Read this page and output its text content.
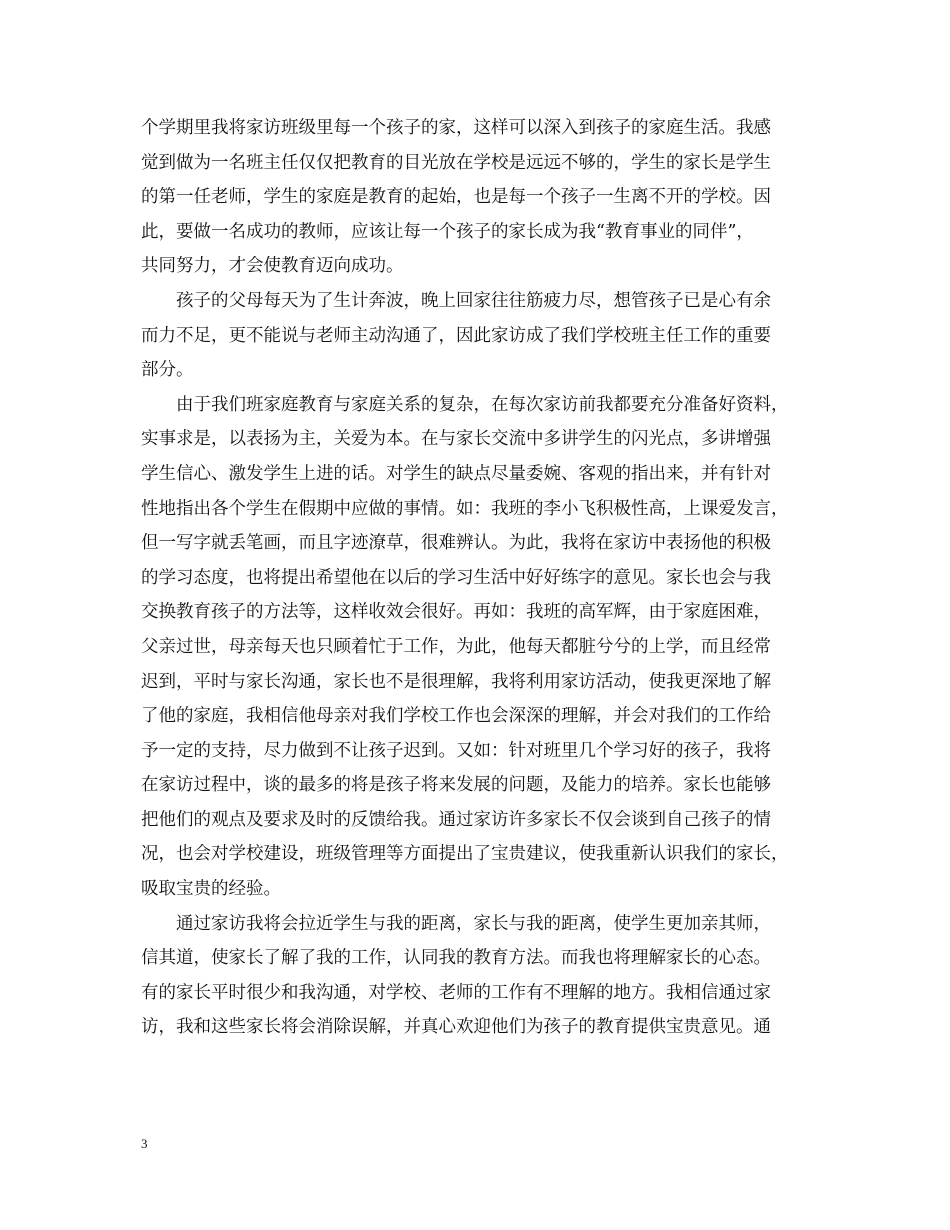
个学期里我将家访班级里每一个孩子的家，这样可以深入到孩子的家庭生活。我感
觉到做为一名班主任仅仅把教育的目光放在学校是远远不够的，学生的家长是学生
的第一任老师，学生的家庭是教育的起始，也是每一个孩子一生离不开的学校。因
此，要做一名成功的教师，应该让每一个孩子的家长成为我“教育事业的同伴”，
共同努力，才会使教育迈向成功。
孩子的父母每天为了生计奔波，晚上回家往往筋疲力尽，想管孩子已是心有余
而力不足，更不能说与老师主动沟通了，因此家访成了我们学校班主任工作的重要
部分。
由于我们班家庭教育与家庭关系的复杂，在每次家访前我都要充分准备好资料，
实事求是，以表扬为主，关爱为本。在与家长交流中多讲学生的闪光点，多讲增强
学生信心、激发学生上进的话。对学生的缺点尽量委婉、客观的指出来，并有针对
性地指出各个学生在假期中应做的事情。如：我班的李小飞积极性高，上课爱发言，
但一写字就丢笔画，而且字迹潦草，很难辨认。为此，我将在家访中表扬他的积极
的学习态度，也将提出希望他在以后的学习生活中好好练字的意见。家长也会与我
交换教育孩子的方法等，这样收效会很好。再如：我班的高军辉，由于家庭困难，
父亲过世，母亲每天也只顾着忙于工作，为此，他每天都脏兮兮的上学，而且经常
迟到，平时与家长沟通，家长也不是很理解，我将利用家访活动，使我更深地了解
了他的家庭，我相信他母亲对我们学校工作也会深深的理解，并会对我们的工作给
予一定的支持，尽力做到不让孩子迟到。又如：针对班里几个学习好的孩子，我将
在家访过程中，谈的最多的将是孩子将来发展的问题，及能力的培养。家长也能够
把他们的观点及要求及时的反馈给我。通过家访许多家长不仅会谈到自己孩子的情
况，也会对学校建设，班级管理等方面提出了宝贵建议，使我重新认识我们的家长，
吸取宝贵的经验。
通过家访我将会拉近学生与我的距离，家长与我的距离，使学生更加亲其师，
信其道，使家长了解了我的工作，认同我的教育方法。而我也将理解家长的心态。
有的家长平时很少和我沟通，对学校、老师的工作有不理解的地方。我相信通过家
访，我和这些家长将会消除误解，并真心欢迎他们为孩子的教育提供宝贵意见。通
3
